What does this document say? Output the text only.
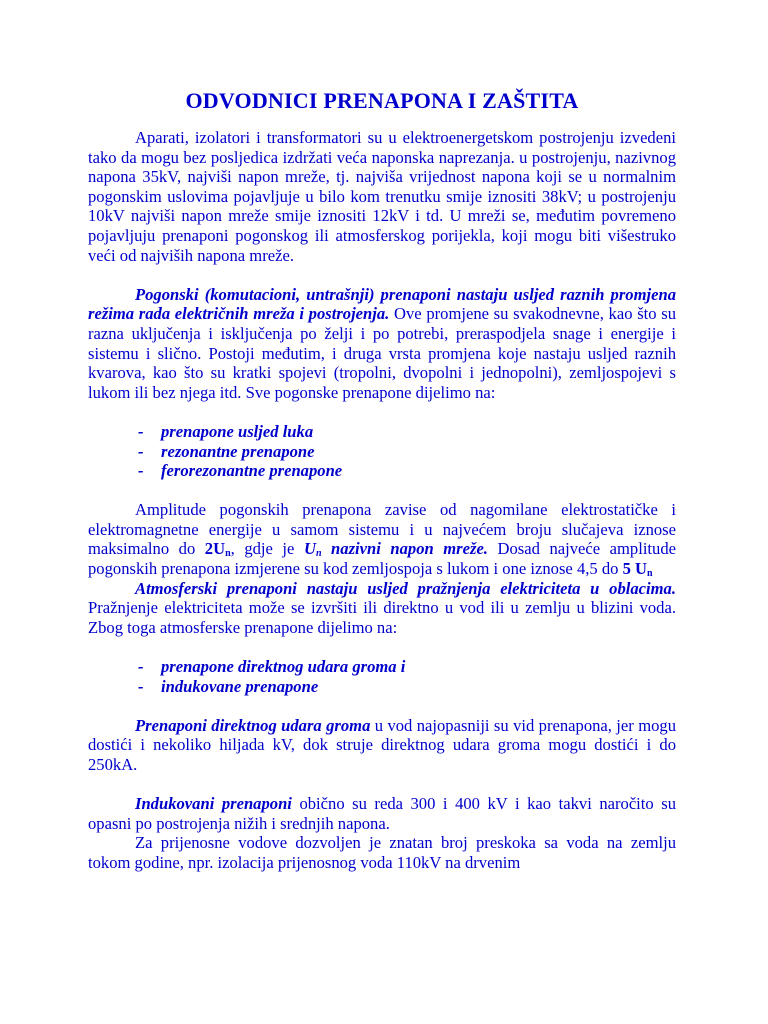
ODVODNICI PRENAPONA I ZAŠTITA

Aparati, izolatori i transformatori su u elektroenergetskom postrojenju izvedeni tako da mogu bez posljedica izdržati veća naponska naprezanja. u postrojenju, nazivnog napona 35kV, najviši napon mreže, tj. najviša vrijednost napona koji se u normalnim pogonskim uslovima pojavljuje u bilo kom trenutku smije iznositi 38kV; u postrojenju 10kV najviši napon mreže smije iznositi 12kV i td. U mreži se, međutim povremeno pojavljuju prenaponi pogonskog ili atmosferskog porijekla, koji mogu biti višestruko veći od najviših napona mreže.

Pogonski (komutacioni, untrašnji) prenaponi nastaju usljed raznih promjena režima rada električnih mreža i postrojenja. Ove promjene su svakodnevne, kao što su razna uključenja i isključenja po želji i po potrebi, preraspodjela snage i energije i sistemu i slično. Postoji međutim, i druga vrsta promjena koje nastaju usljed raznih kvarova, kao što su kratki spojevi (tropolni, dvopolni i jednopolni), zemljospojevi s lukom ili bez njega itd. Sve pogonske prenapone dijelimo na:

- prenapone usljed luka
- rezonantne prenapone
- ferorezonantne prenapone

Amplitude pogonskih prenapona zavise od nagomilane elektrostatičke i elektromagnetne energije u samom sistemu i u najvećem broju slučajeva iznose maksimalno do $2U_n$, gdje je $U_n$ nazivni napon mreže. Dosad najveće amplitude pogonskih prenapona izmjerene su kod zemljospoja s lukom i one iznose 4,5 do 5 $U_n$

Atmosferski prenaponi nastaju usljed pražnjenja elektriciteta u oblacima. Pražnjenje elektriciteta može se izvršiti ili direktno u vod ili u zemlju u blizini voda. Zbog toga atmosferske prenapone dijelimo na:

- prenapone direktnog udara groma i
- indukovane prenapone

Prenaponi direktnog udara groma u vod najopasniji su vid prenapona, jer mogu dostići i nekoliko hiljada kV, dok struje direktnog udara groma mogu dostići i do 250kA.

Indukovani prenaponi obično su reda 300 i 400 kV i kao takvi naročito su opasni po postrojenja nižih i srednjih napona.

Za prijenosne vodove dozvoljen je znatan broj preskoka sa voda na zemlju tokom godine, npr. izolacija prijenosnog voda 110kV na drvenim
